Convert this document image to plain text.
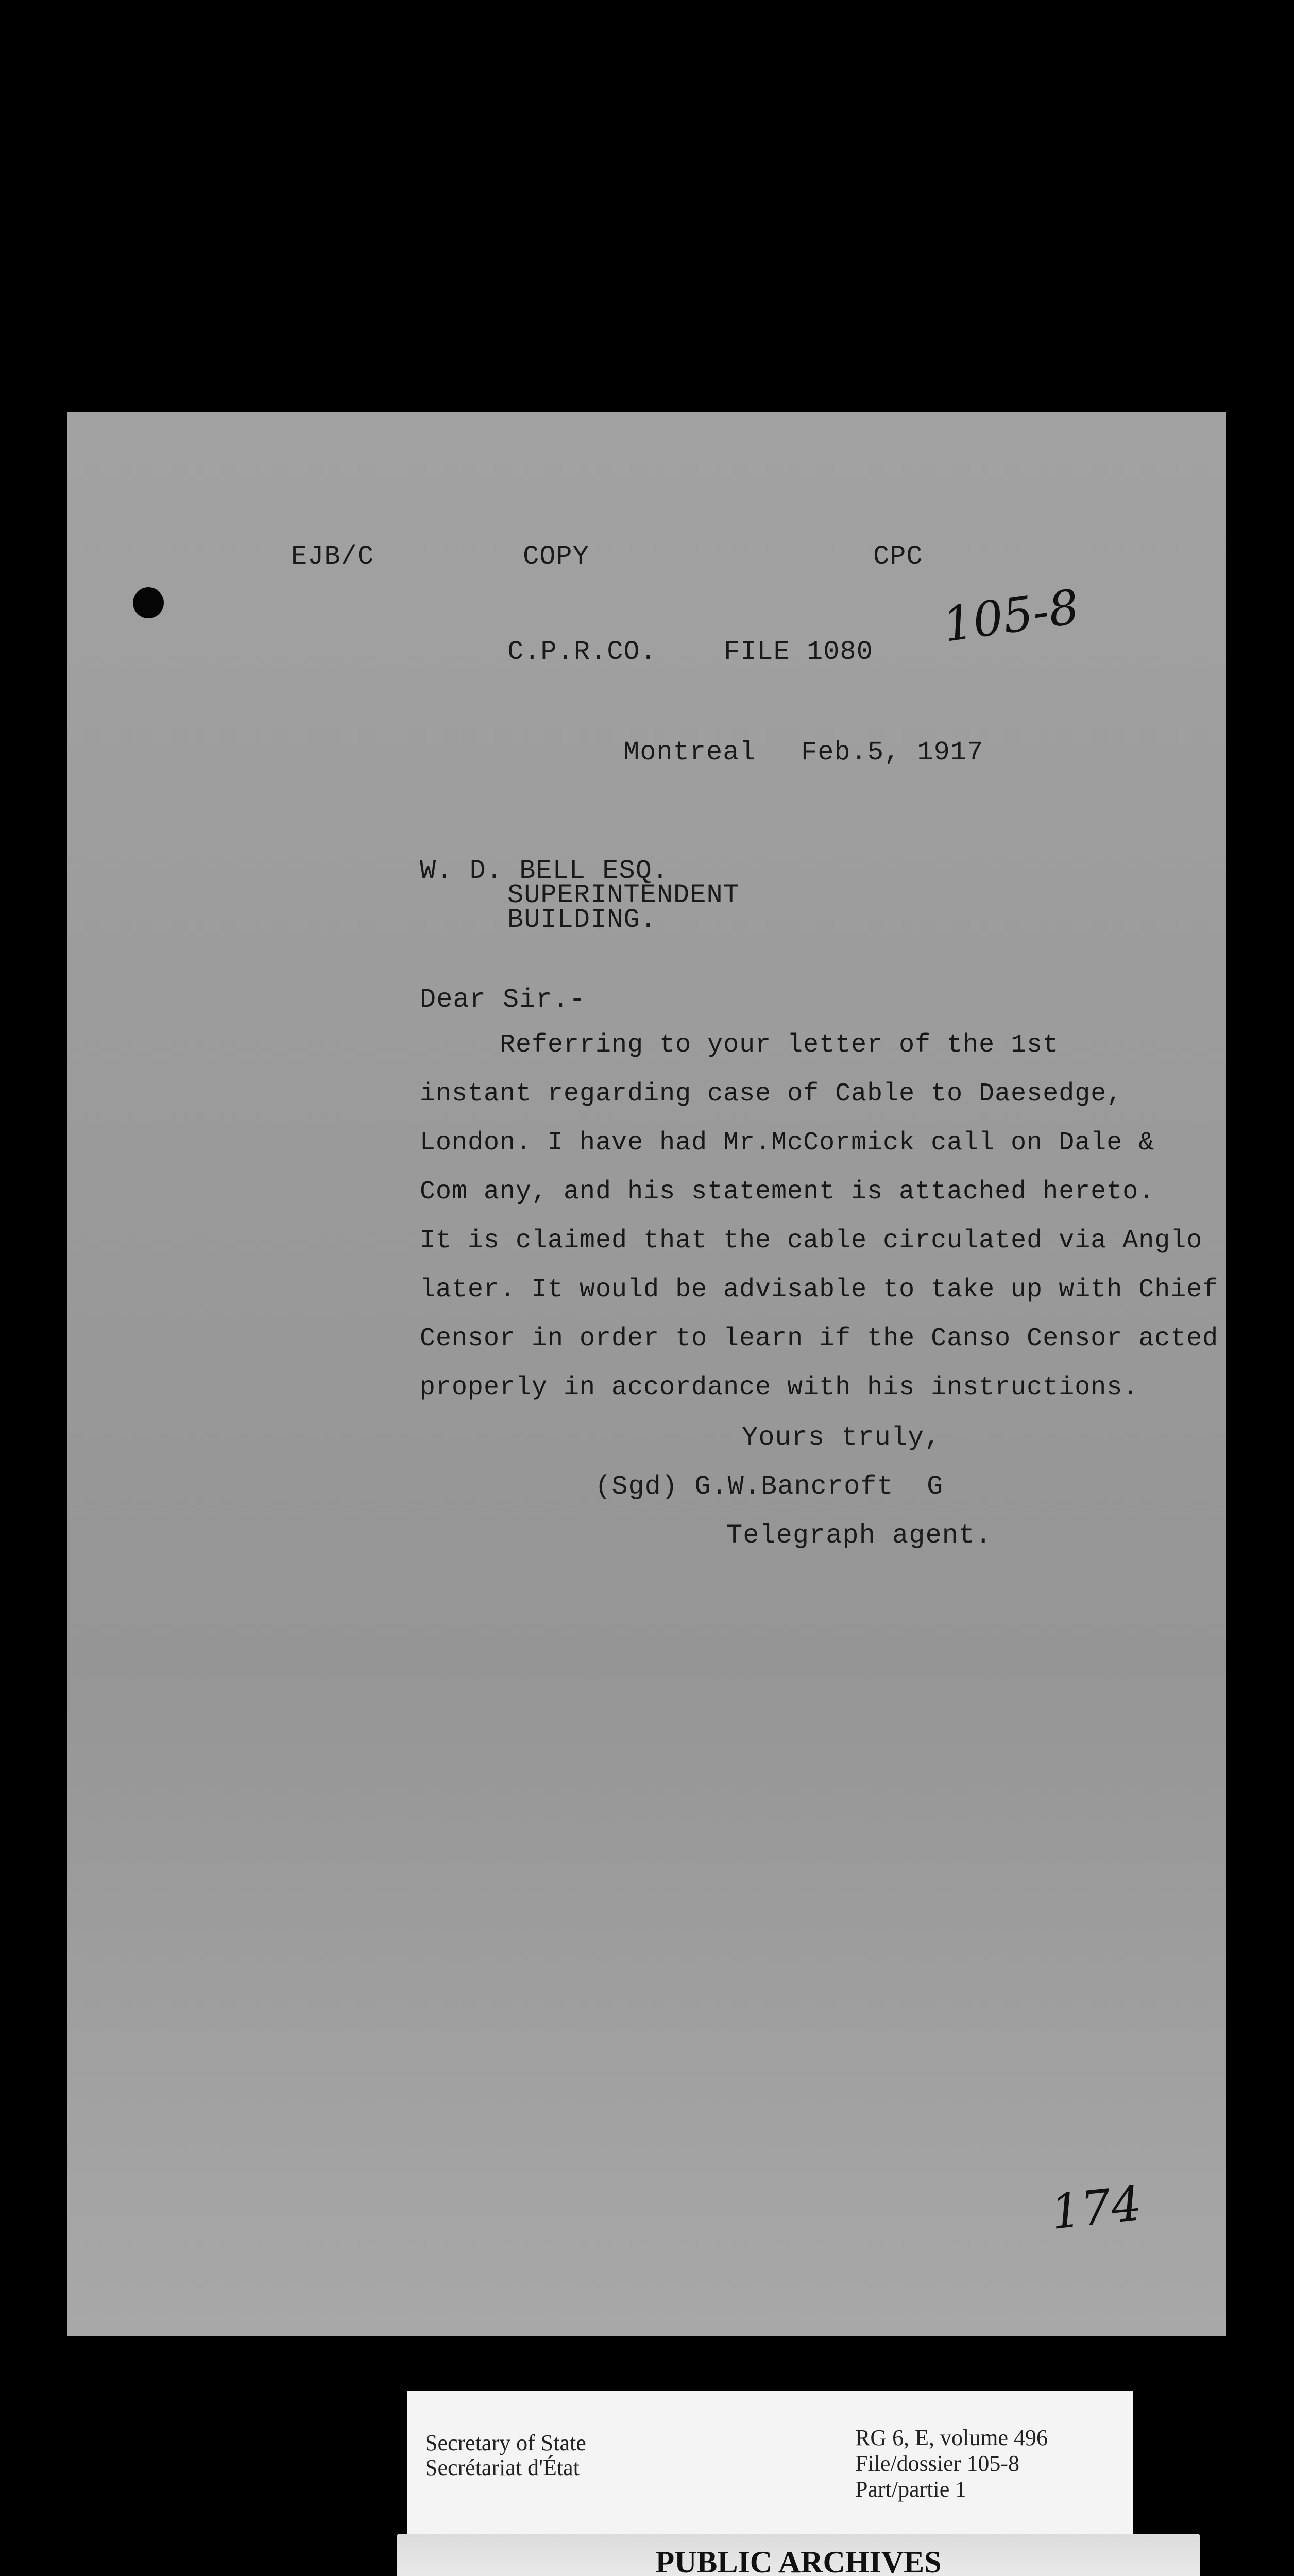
EJB/C	COPY	CPC
C.P.R.CO.	FILE 1080 105-8
Montreal Feb.5, 1917
W. D. BELL ESQ.
SUPERINTENDENT
BUILDING.
Dear Sir.-
Referring to your letter of the 1st
instant regarding case of Cable to Daesedge,
London. I have had Mr.McCormick call on Dale &
Com any, and his statement is attached hereto.
It is claimed that the cable circulated via Anglo
later. It would be advisable to take up with Chief
Censor in order to learn if the Canso Censor acted
properly in accordance with his instructions.
Yours truly,
(Sgd) G.W.Bancroft  G
Telegraph agent.
174
Secretary of State
Secrétariat d'État
RG 6, E, volume 496
File/dossier 105-8
Part/partie 1
PUBLIC ARCHIVES
